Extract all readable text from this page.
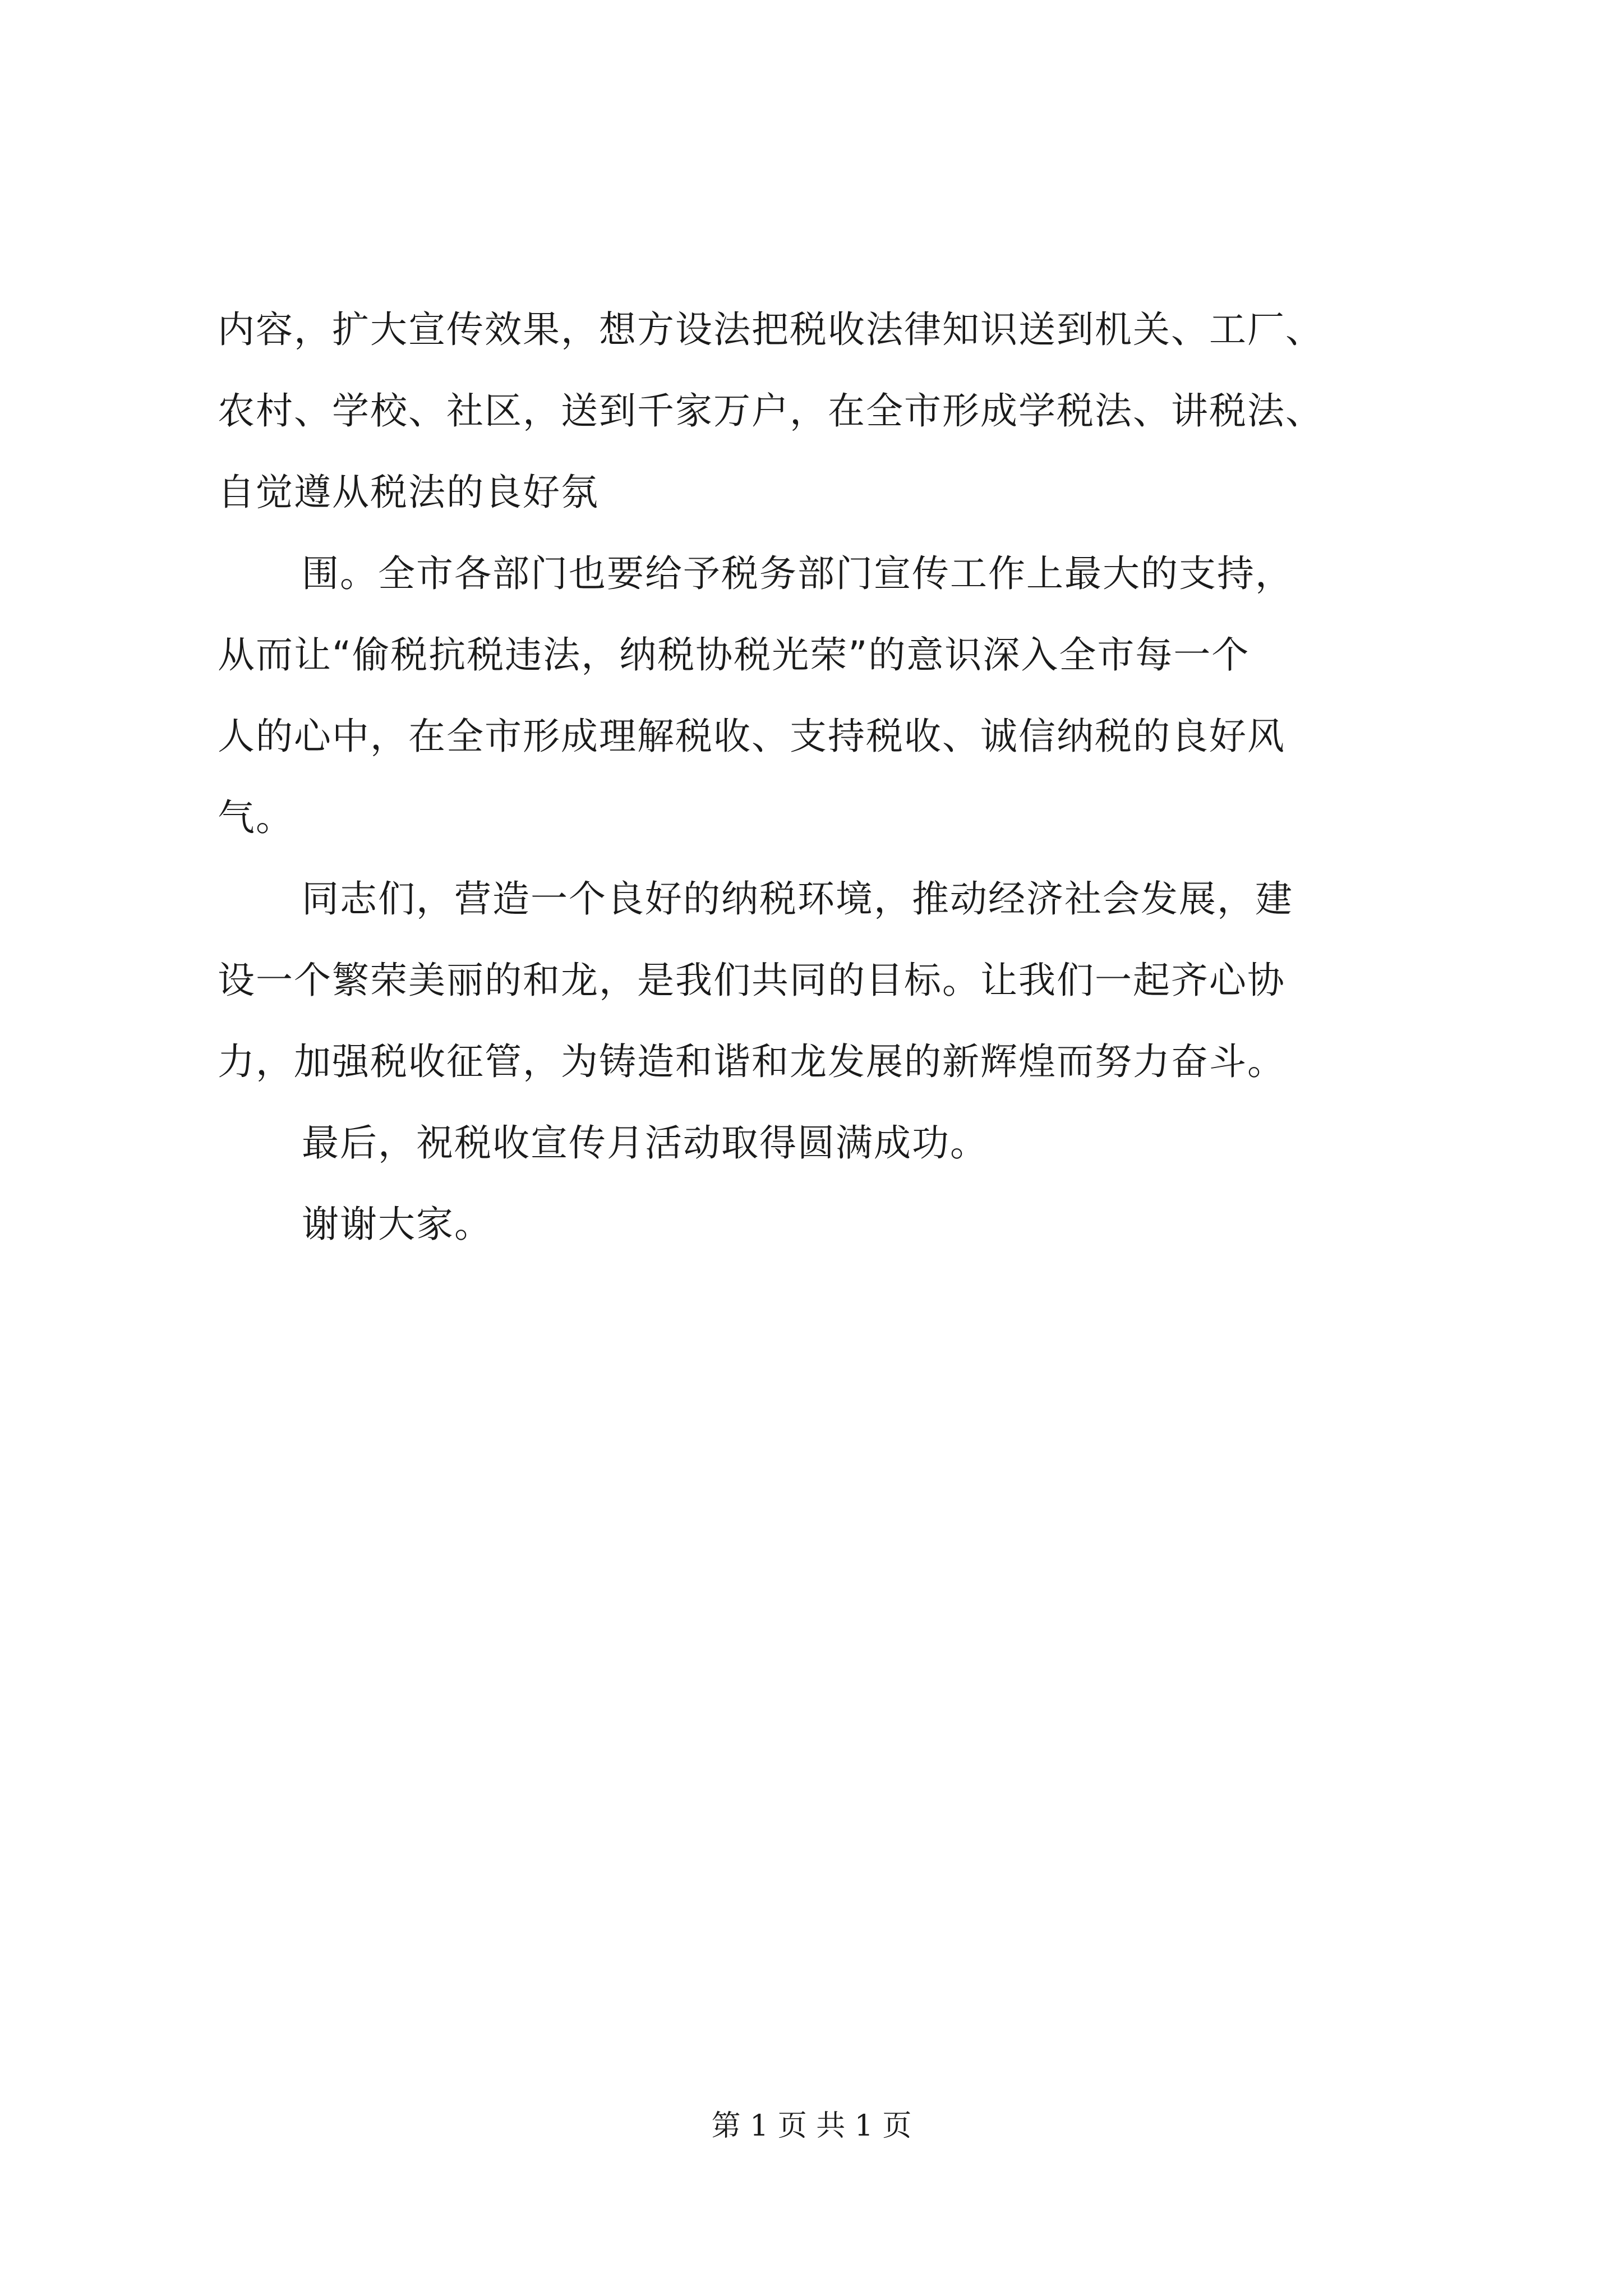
内容，扩大宣传效果，想方设法把税收法律知识送到机关、工厂、
农村、学校、社区，送到千家万户，在全市形成学税法、讲税法、
自觉遵从税法的良好氛
围。全市各部门也要给予税务部门宣传工作上最大的支持，
从而让“偷税抗税违法，纳税协税光荣”的意识深入全市每一个
人的心中，在全市形成理解税收、支持税收、诚信纳税的良好风
气。
同志们，营造一个良好的纳税环境，推动经济社会发展，建
设一个繁荣美丽的和龙，是我们共同的目标。让我们一起齐心协
力，加强税收征管，为铸造和谐和龙发展的新辉煌而努力奋斗。
最后，祝税收宣传月活动取得圆满成功。
谢谢大家。
第 1 页 共 1 页
